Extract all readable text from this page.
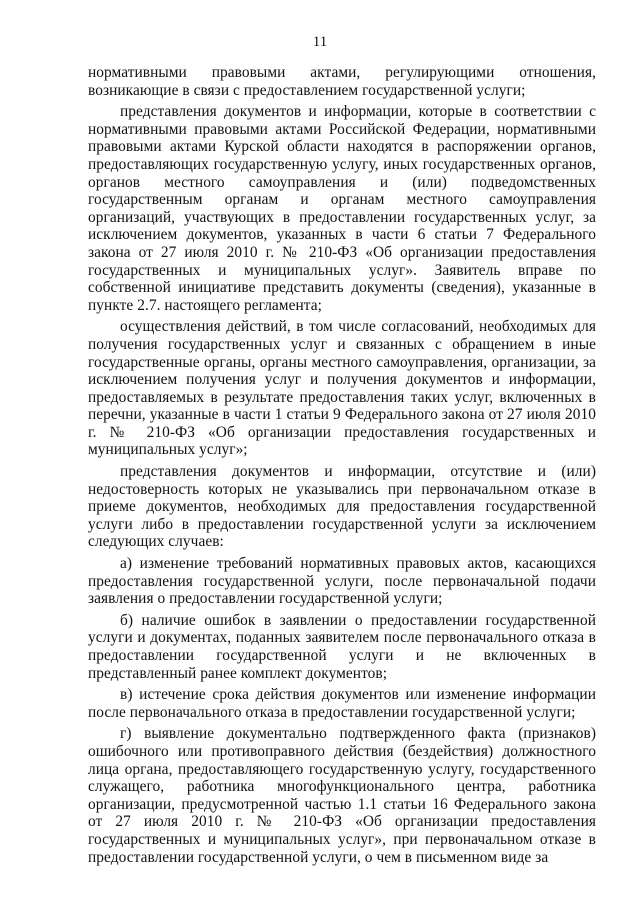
11

нормативными правовыми актами, регулирующими отношения, возникающие в связи с предоставлением государственной услуги;

представления документов и информации, которые в соответствии с нормативными правовыми актами Российской Федерации, нормативными правовыми актами Курской области находятся в распоряжении органов, предоставляющих государственную услугу, иных государственных органов, органов местного самоуправления и (или) подведомственных государственным органам и органам местного самоуправления организаций, участвующих в предоставлении государственных услуг, за исключением документов, указанных в части 6 статьи 7 Федерального закона от 27 июля 2010 г. № 210-ФЗ «Об организации предоставления государственных и муниципальных услуг». Заявитель вправе по собственной инициативе представить документы (сведения), указанные в пункте 2.7. настоящего регламента;

осуществления действий, в том числе согласований, необходимых для получения государственных услуг и связанных с обращением в иные государственные органы, органы местного самоуправления, организации, за исключением получения услуг и получения документов и информации, предоставляемых в результате предоставления таких услуг, включенных в перечни, указанные в части 1 статьи 9 Федерального закона от 27 июля 2010 г. № 210-ФЗ «Об организации предоставления государственных и муниципальных услуг»;

представления документов и информации, отсутствие и (или) недостоверность которых не указывались при первоначальном отказе в приеме документов, необходимых для предоставления государственной услуги либо в предоставлении государственной услуги за исключением следующих случаев:

а) изменение требований нормативных правовых актов, касающихся предоставления государственной услуги, после первоначальной подачи заявления о предоставлении государственной услуги;

б) наличие ошибок в заявлении о предоставлении государственной услуги и документах, поданных заявителем после первоначального отказа в предоставлении государственной услуги и не включенных в представленный ранее комплект документов;

в) истечение срока действия документов или изменение информации после первоначального отказа в предоставлении государственной услуги;

г) выявление документально подтвержденного факта (признаков) ошибочного или противоправного действия (бездействия) должностного лица органа, предоставляющего государственную услугу, государственного служащего, работника многофункционального центра, работника организации, предусмотренной частью 1.1 статьи 16 Федерального закона от 27 июля 2010 г. № 210-ФЗ «Об организации предоставления государственных и муниципальных услуг», при первоначальном отказе в предоставлении государственной услуги, о чем в письменном виде за
